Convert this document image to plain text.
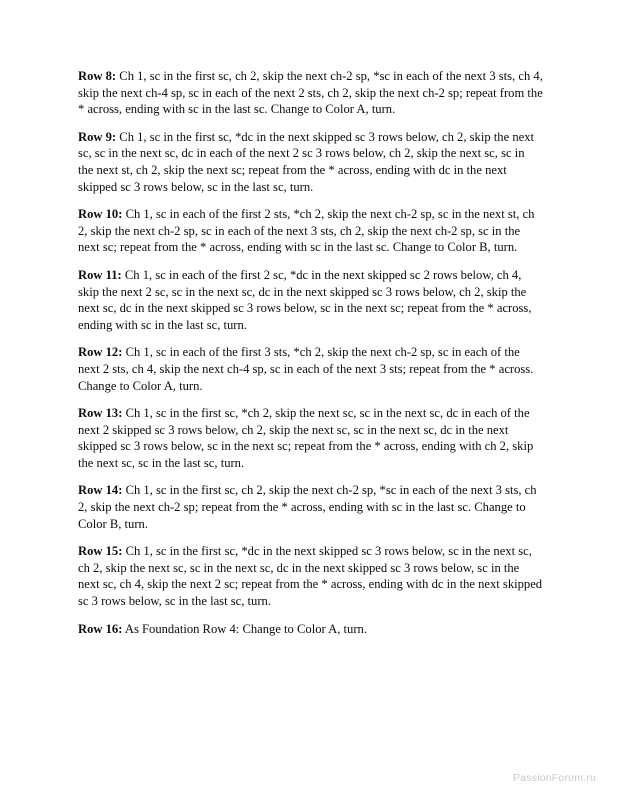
Row 8: Ch 1, sc in the first sc, ch 2, skip the next ch-2 sp, *sc in each of the next 3 sts, ch 4, skip the next ch-4 sp, sc in each of the next 2 sts, ch 2, skip the next ch-2 sp; repeat from the * across, ending with sc in the last sc. Change to Color A, turn.

Row 9: Ch 1, sc in the first sc, *dc in the next skipped sc 3 rows below, ch 2, skip the next sc, sc in the next sc, dc in each of the next 2 sc 3 rows below, ch 2, skip the next sc, sc in the next st, ch 2, skip the next sc; repeat from the * across, ending with dc in the next skipped sc 3 rows below, sc in the last sc, turn.

Row 10: Ch 1, sc in each of the first 2 sts, *ch 2, skip the next ch-2 sp, sc in the next st, ch 2, skip the next ch-2 sp, sc in each of the next 3 sts, ch 2, skip the next ch-2 sp, sc in the next sc; repeat from the * across, ending with sc in the last sc. Change to Color B, turn.

Row 11: Ch 1, sc in each of the first 2 sc, *dc in the next skipped sc 2 rows below, ch 4, skip the next 2 sc, sc in the next sc, dc in the next skipped sc 3 rows below, ch 2, skip the next sc, dc in the next skipped sc 3 rows below, sc in the next sc; repeat from the * across, ending with sc in the last sc, turn.

Row 12: Ch 1, sc in each of the first 3 sts, *ch 2, skip the next ch-2 sp, sc in each of the next 2 sts, ch 4, skip the next ch-4 sp, sc in each of the next 3 sts; repeat from the * across. Change to Color A, turn.

Row 13: Ch 1, sc in the first sc, *ch 2, skip the next sc, sc in the next sc, dc in each of the next 2 skipped sc 3 rows below, ch 2, skip the next sc, sc in the next sc, dc in the next skipped sc 3 rows below, sc in the next sc; repeat from the * across, ending with ch 2, skip the next sc, sc in the last sc, turn.

Row 14: Ch 1, sc in the first sc, ch 2, skip the next ch-2 sp, *sc in each of the next 3 sts, ch 2, skip the next ch-2 sp; repeat from the * across, ending with sc in the last sc. Change to Color B, turn.

Row 15: Ch 1, sc in the first sc, *dc in the next skipped sc 3 rows below, sc in the next sc, ch 2, skip the next sc, sc in the next sc, dc in the next skipped sc 3 rows below, sc in the next sc, ch 4, skip the next 2 sc; repeat from the * across, ending with dc in the next skipped sc 3 rows below, sc in the last sc, turn.

Row 16: As Foundation Row 4: Change to Color A, turn.

PassionForum.ru
